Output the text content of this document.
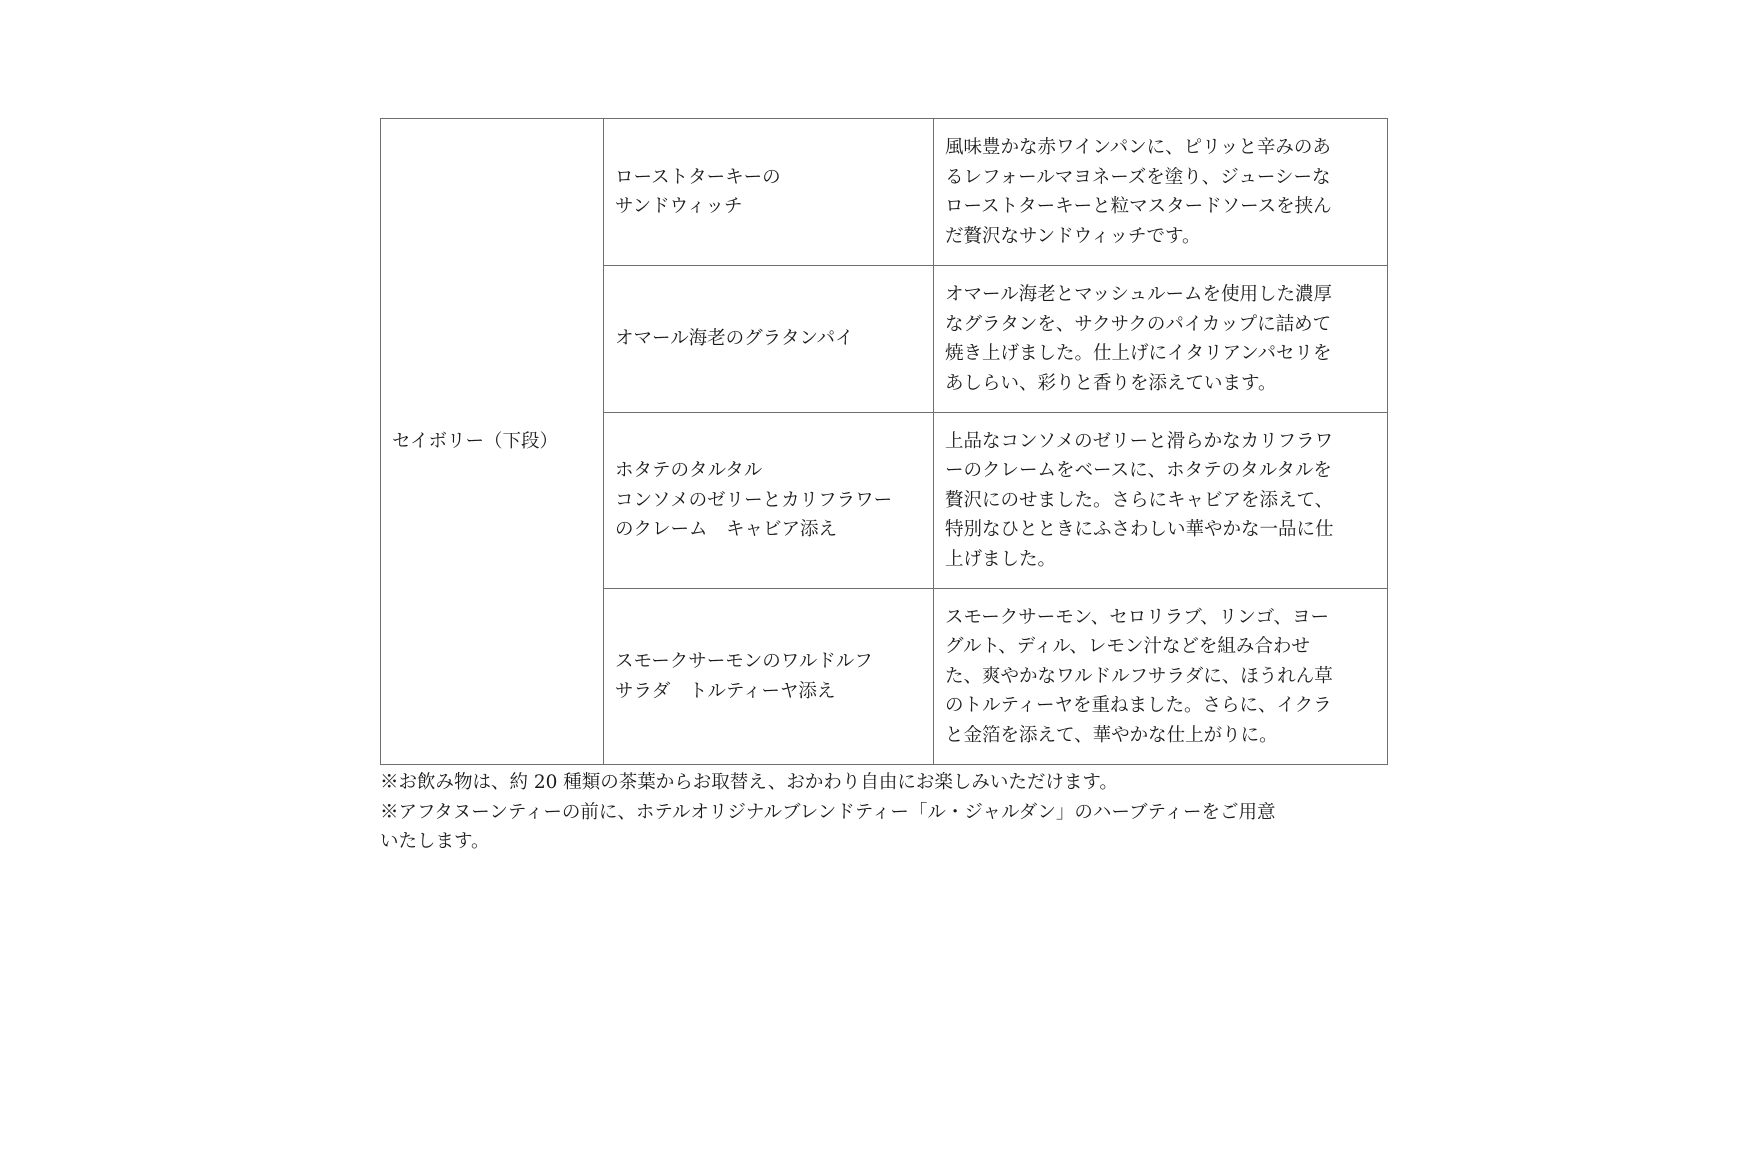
セイボリー（下段）	ローストターキーの
サンドウィッチ	風味豊かな赤ワインパンに、ピリッと辛みのあ
るレフォールマヨネーズを塗り、ジューシーな
ローストターキーと粒マスタードソースを挟ん
だ贅沢なサンドウィッチです。

	オマール海老のグラタンパイ	オマール海老とマッシュルームを使用した濃厚
なグラタンを、サクサクのパイカップに詰めて
焼き上げました。仕上げにイタリアンパセリを
あしらい、彩りと香りを添えています。

	ホタテのタルタル
コンソメのゼリーとカリフラワー
のクレーム　キャビア添え	上品なコンソメのゼリーと滑らかなカリフラワ
ーのクレームをベースに、ホタテのタルタルを
贅沢にのせました。さらにキャビアを添えて、
特別なひとときにふさわしい華やかな一品に仕
上げました。

	スモークサーモンのワルドルフ
サラダ　トルティーヤ添え	スモークサーモン、セロリラブ、リンゴ、ヨー
グルト、ディル、レモン汁などを組み合わせ
た、爽やかなワルドルフサラダに、ほうれん草
のトルティーヤを重ねました。さらに、イクラ
と金箔を添えて、華やかな仕上がりに。
※お飲み物は、約 20 種類の茶葉からお取替え、おかわり自由にお楽しみいただけます。
※アフタヌーンティーの前に、ホテルオリジナルブレンドティー「ル・ジャルダン」のハーブティーをご用意
いたします。
